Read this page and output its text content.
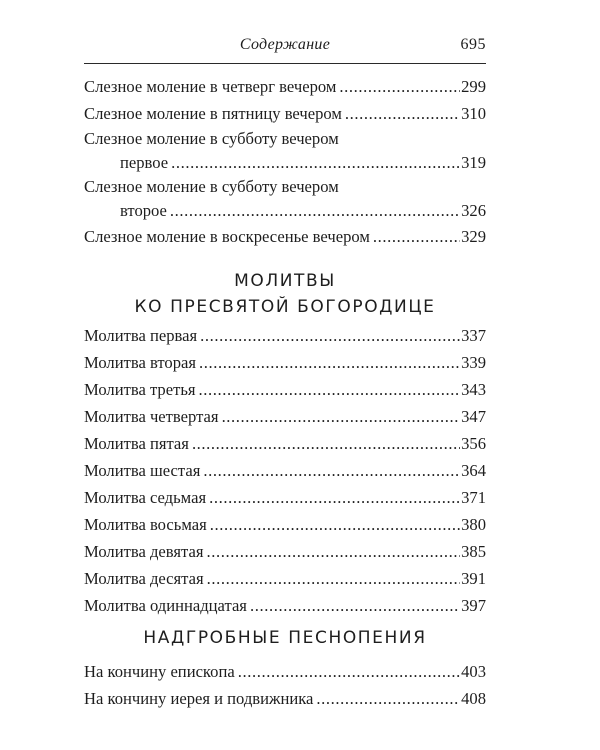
Содержание	695
Слезное моление в четверг вечером .....	299
Слезное моление в пятницу вечером .....	310
Слезное моление в субботу вечером
первое .....	319
Слезное моление в субботу вечером
второе .....	326
Слезное моление в воскресенье вечером .....	329
МОЛИТВЫ
КО ПРЕСВЯТОЙ БОГОРОДИЦЕ
Молитва первая .....	337
Молитва вторая .....	339
Молитва третья .....	343
Молитва четвертая .....	347
Молитва пятая .....	356
Молитва шестая .....	364
Молитва седьмая .....	371
Молитва восьмая .....	380
Молитва девятая .....	385
Молитва десятая .....	391
Молитва одиннадцатая .....	397
НАДГРОБНЫЕ ПЕСНОПЕНИЯ
На кончину епископа .....	403
На кончину иерея и подвижника .....	408
